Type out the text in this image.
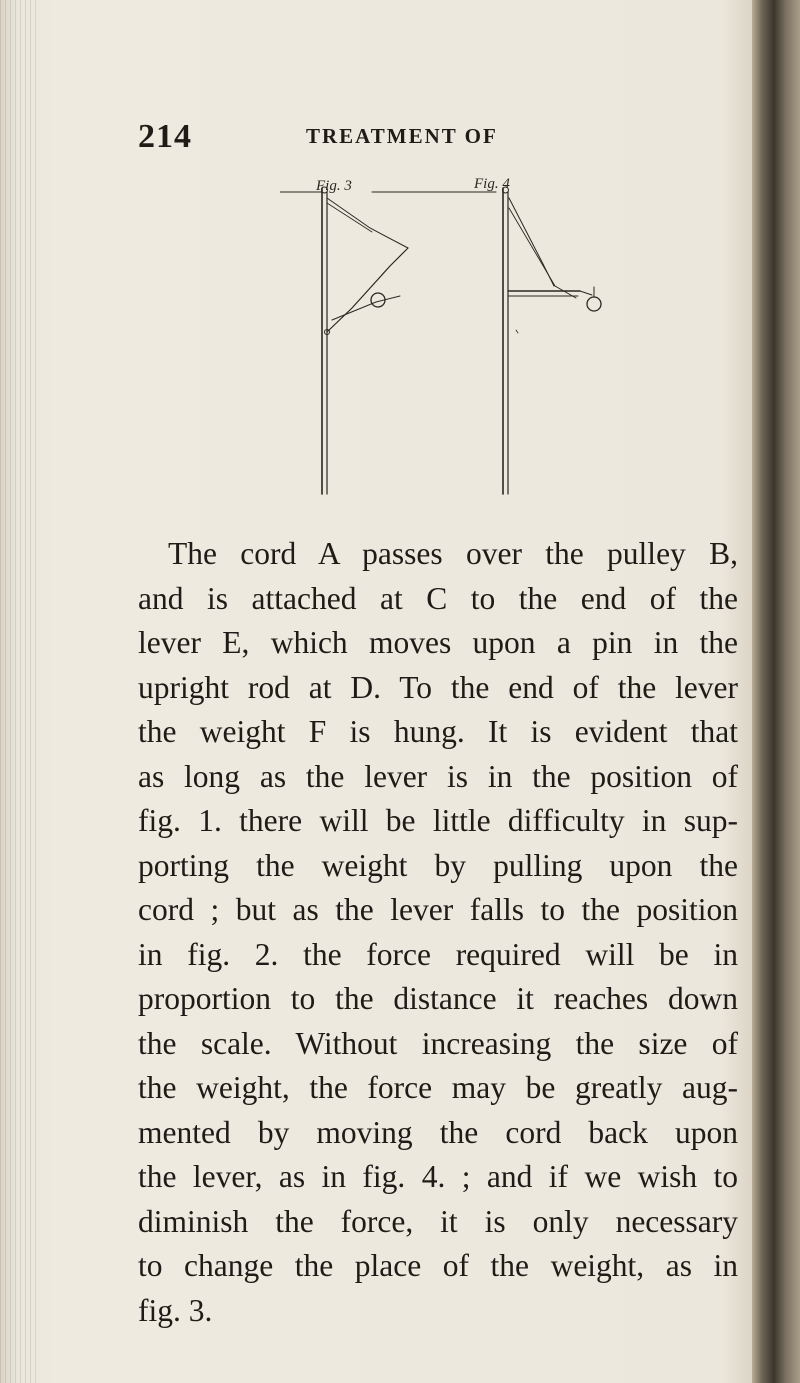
214	TREATMENT OF
Fig. 3	Fig. 4
The cord A passes over the pulley B,
and is attached at C to the end of the
lever E, which moves upon a pin in the
upright rod at D. To the end of the lever
the weight F is hung. It is evident that
as long as the lever is in the position of
fig. 1. there will be little difficulty in sup-
porting the weight by pulling upon the
cord ; but as the lever falls to the position
in fig. 2. the force required will be in
proportion to the distance it reaches down
the scale. Without increasing the size of
the weight, the force may be greatly aug-
mented by moving the cord back upon
the lever, as in fig. 4. ; and if we wish to
diminish the force, it is only necessary
to change the place of the weight, as in
fig. 3.
